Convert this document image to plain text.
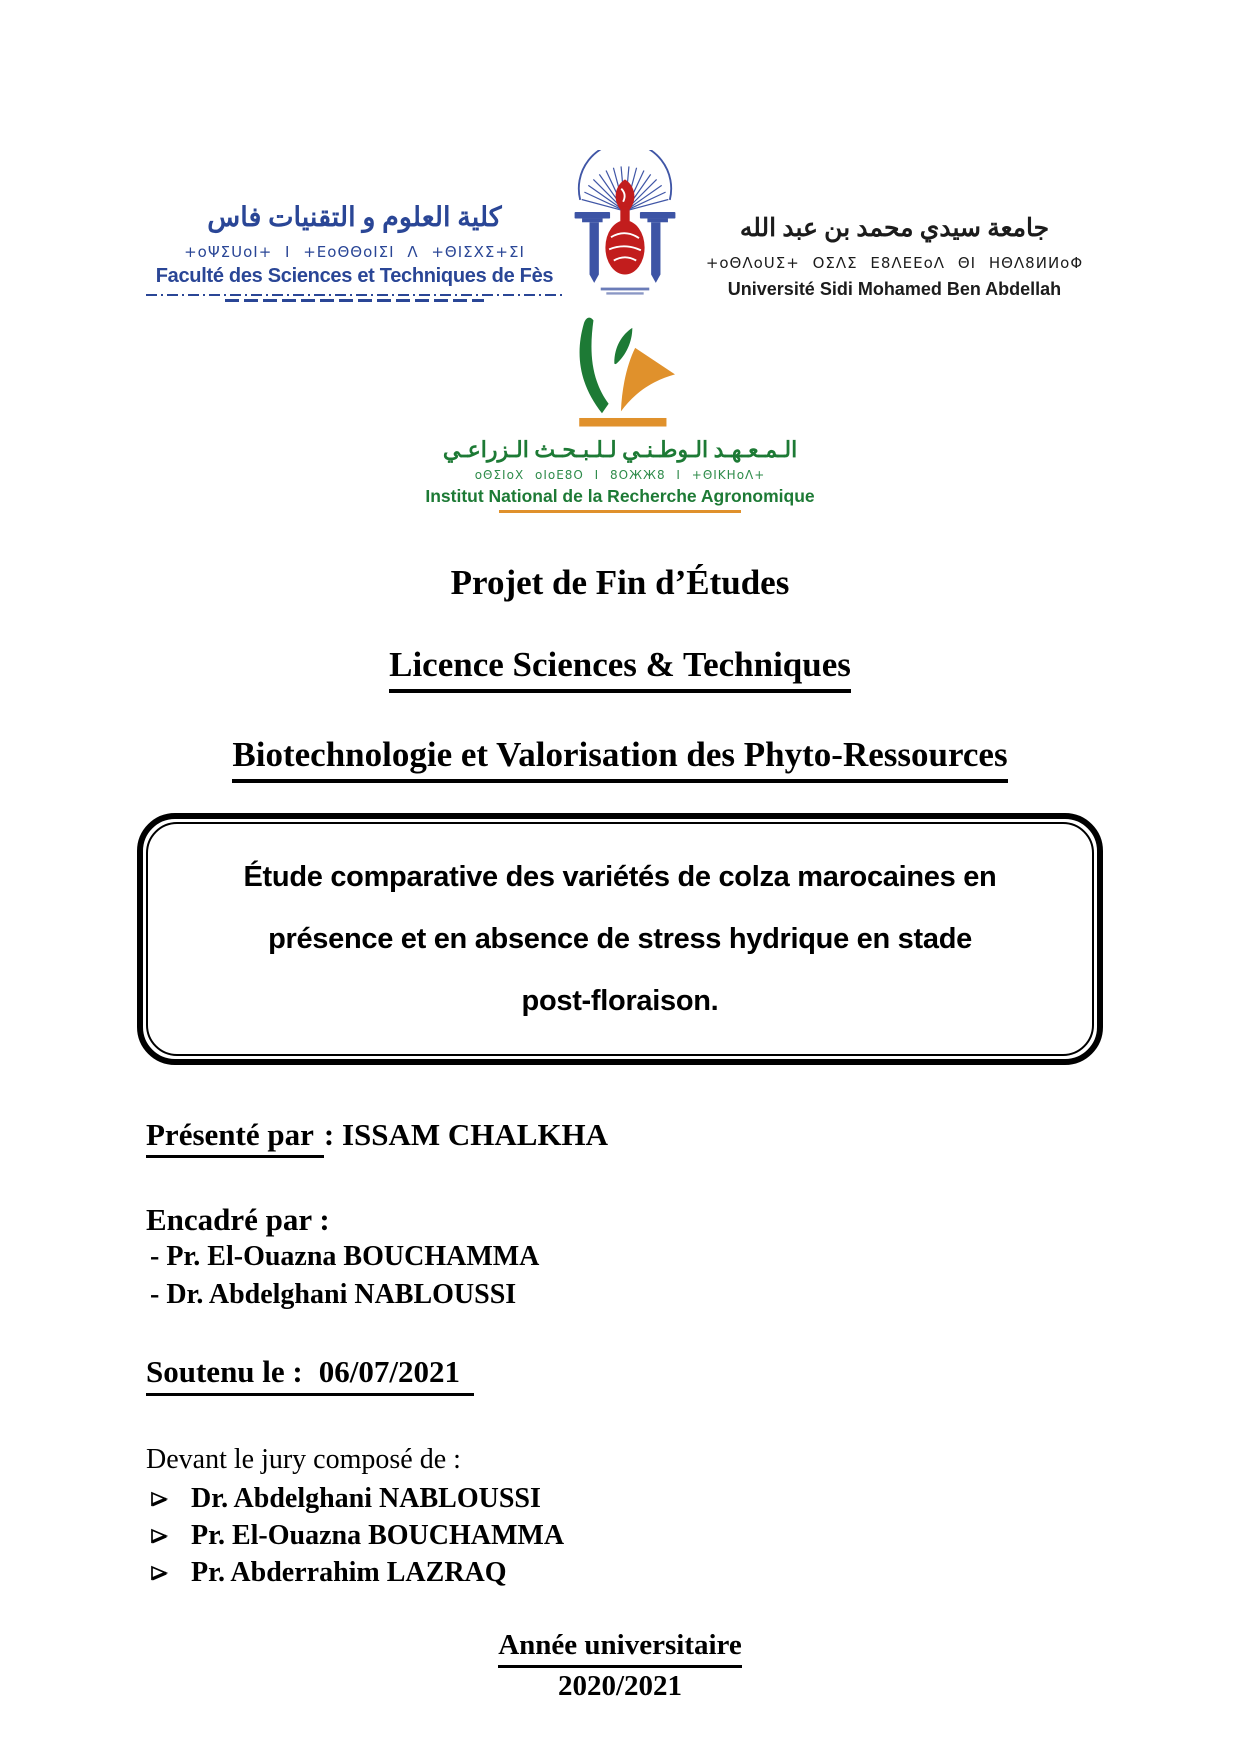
كلية العلوم و التقنيات فاس
+oΨΣUoΙ+ Ι +ΕoΘΘoΙΣΙ Λ +ΘΙΣΧΣ+ΣΙ
Faculté des Sciences et Techniques de Fès
جامعة سيدي محمد بن عبد الله
+oΘΛoUΣ+ ΟΣΛΣ Ε8ΛΕΕoΛ ΘΙ ΗΘΛ8ИИoΦ
Université Sidi Mohamed Ben Abdellah
الـمـعـهـد الـوطـنـي لـلـبـحـث الـزراعـي
oΘΣΙoX oΙoΕ8Ο Ι 8ΟЖЖ8 Ι +ΘΙΚΗoΛ+
Institut National de la Recherche Agronomique
Projet de Fin d’Études
Licence Sciences & Techniques
Biotechnologie et Valorisation des Phyto-Ressources
Étude comparative des variétés de colza marocaines en
présence et en absence de stress hydrique en stade
post-floraison.
Présenté par : ISSAM CHALKHA
Encadré par :
- Pr. El-Ouazna BOUCHAMMA
- Dr. Abdelghani NABLOUSSI
Soutenu le : 06/07/2021
Devant le jury composé de :
Dr. Abdelghani NABLOUSSI
Pr. El-Ouazna BOUCHAMMA
Pr. Abderrahim LAZRAQ
Année universitaire
2020/2021
